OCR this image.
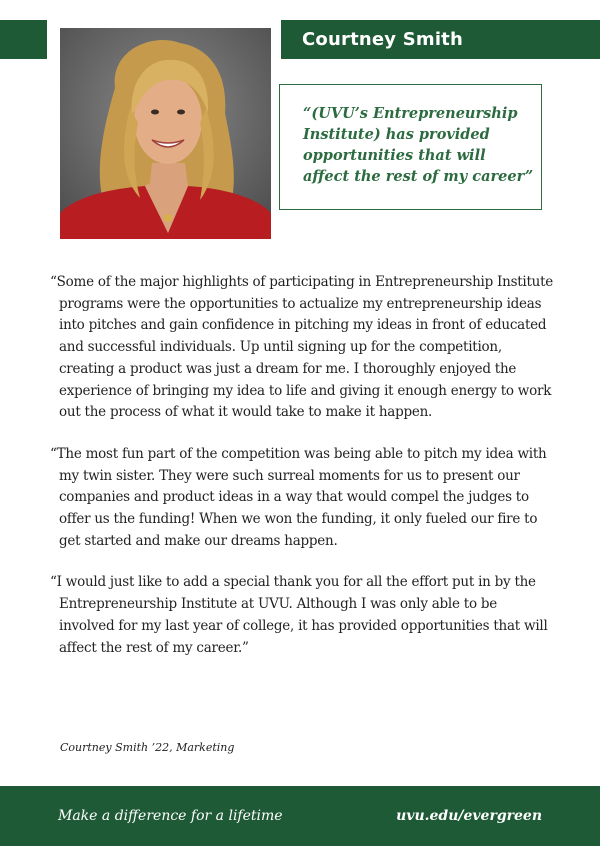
Courtney Smith

“(UVU’s Entrepreneurship Institute) has provided opportunities that will affect the rest of my career”

“Some of the major highlights of participating in Entrepreneurship Institute programs were the opportunities to actualize my entrepreneurship ideas into pitches and gain confidence in pitching my ideas in front of educated and successful individuals. Up until signing up for the competition, creating a product was just a dream for me. I thoroughly enjoyed the experience of bringing my idea to life and giving it enough energy to work out the process of what it would take to make it happen.

“The most fun part of the competition was being able to pitch my idea with my twin sister. They were such surreal moments for us to present our companies and product ideas in a way that would compel the judges to offer us the funding! When we won the funding, it only fueled our fire to get started and make our dreams happen.

“I would just like to add a special thank you for all the effort put in by the Entrepreneurship Institute at UVU. Although I was only able to be involved for my last year of college, it has provided opportunities that will affect the rest of my career.”

Courtney Smith ’22, Marketing
Make a difference for a lifetime	uvu.edu/evergreen
